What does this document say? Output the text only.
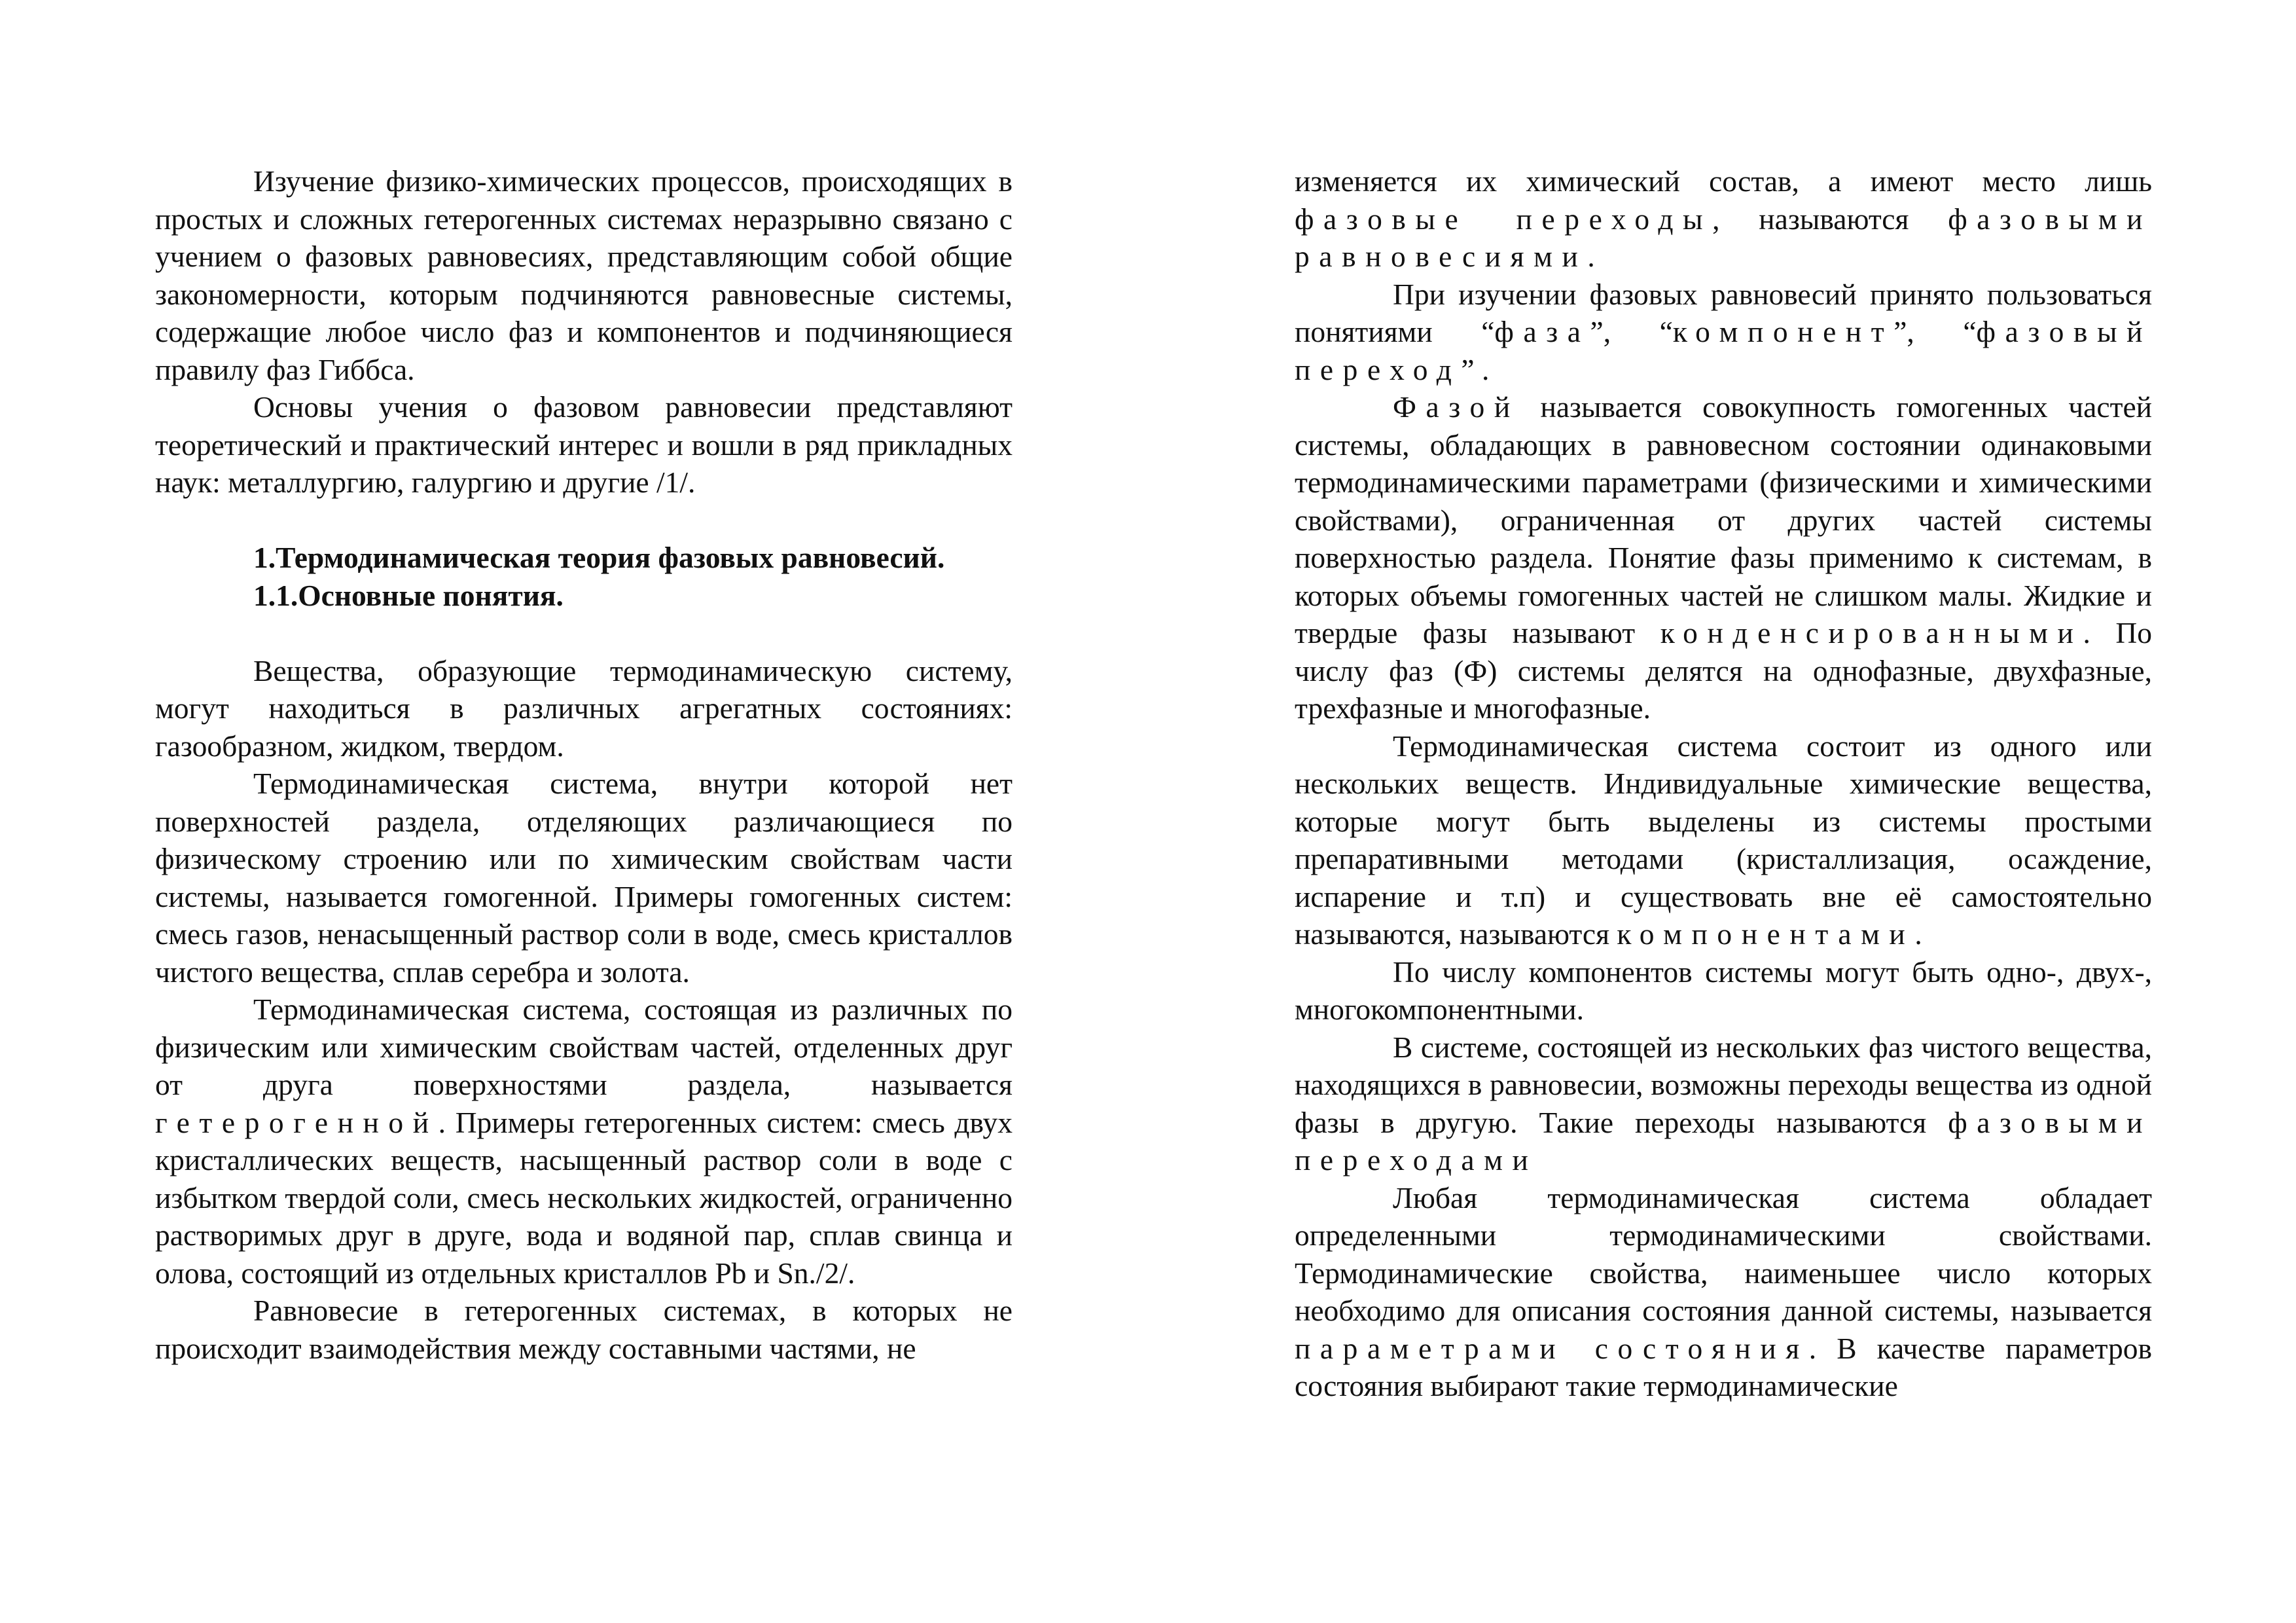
Изучение физико-химических процессов, происходящих в простых и сложных гетерогенных системах неразрывно связано с учением о фазовых равновесиях, представляющим собой общие закономерности, которым подчиняются равновесные системы, содержащие любое число фаз и компонентов и подчиняющиеся правилу фаз Гиббса.

Основы учения о фазовом равновесии представляют теоретический и практический интерес и вошли в ряд прикладных наук: металлургию, галургию и другие /1/.

1.Термодинамическая теория фазовых равновесий.

1.1.Основные понятия.

Вещества, образующие термодинамическую систему, могут находиться в различных агрегатных состояниях: газообразном, жидком, твердом.

Термодинамическая система, внутри которой нет поверхностей раздела, отделяющих различающиеся по физическому строению или по химическим свойствам части системы, называется гомогенной. Примеры гомогенных систем: смесь газов, ненасыщенный раствор соли в воде, смесь кристаллов чистого вещества, сплав серебра и золота.

Термодинамическая система, состоящая из различных по физическим или химическим свойствам частей, отделенных друг от друга поверхностями раздела, называется гетерогенной. Примеры гетерогенных систем: смесь двух кристаллических веществ, насыщенный раствор соли в воде с избытком твердой соли, смесь нескольких жидкостей, ограниченно растворимых друг в друге, вода и водяной пар, сплав свинца и олова, состоящий из отдельных кристаллов Pb и Sn./2/.

Равновесие в гетерогенных системах, в которых не происходит взаимодействия между составными частями, не

изменяется их химический состав, а имеют место лишь фазовые переходы, называются фазовыми равновесиями.

При изучении фазовых равновесий принято пользоваться понятиями “фаза”, “компонент”, “фазовый переход” .

Фазой называется совокупность гомогенных частей системы, обладающих в равновесном состоянии одинаковыми термодинамическими параметрами (физическими и химическими свойствами), ограниченная от других частей системы поверхностью раздела. Понятие фазы применимо к системам, в которых объемы гомогенных частей не слишком малы. Жидкие и твердые фазы называют конденсированными. По числу фаз (Ф) системы делятся на однофазные, двухфазные, трехфазные и многофазные.

Термодинамическая система состоит из одного или нескольких веществ. Индивидуальные химические вещества, которые могут быть выделены из системы простыми препаративными методами (кристаллизация, осаждение, испарение и т.п) и существовать вне её самостоятельно называются, называются компонентами.

По числу компонентов системы могут быть одно-, двух-, многокомпонентными.

В системе, состоящей из нескольких фаз чистого вещества, находящихся в равновесии, возможны переходы вещества из одной фазы в другую. Такие переходы называются фазовыми переходами

Любая термодинамическая система обладает определенными термодинамическими свойствами. Термодинамические свойства, наименьшее число которых необходимо для описания состояния данной системы, называется параметрами состояния. В качестве параметров состояния выбирают такие термодинамические
